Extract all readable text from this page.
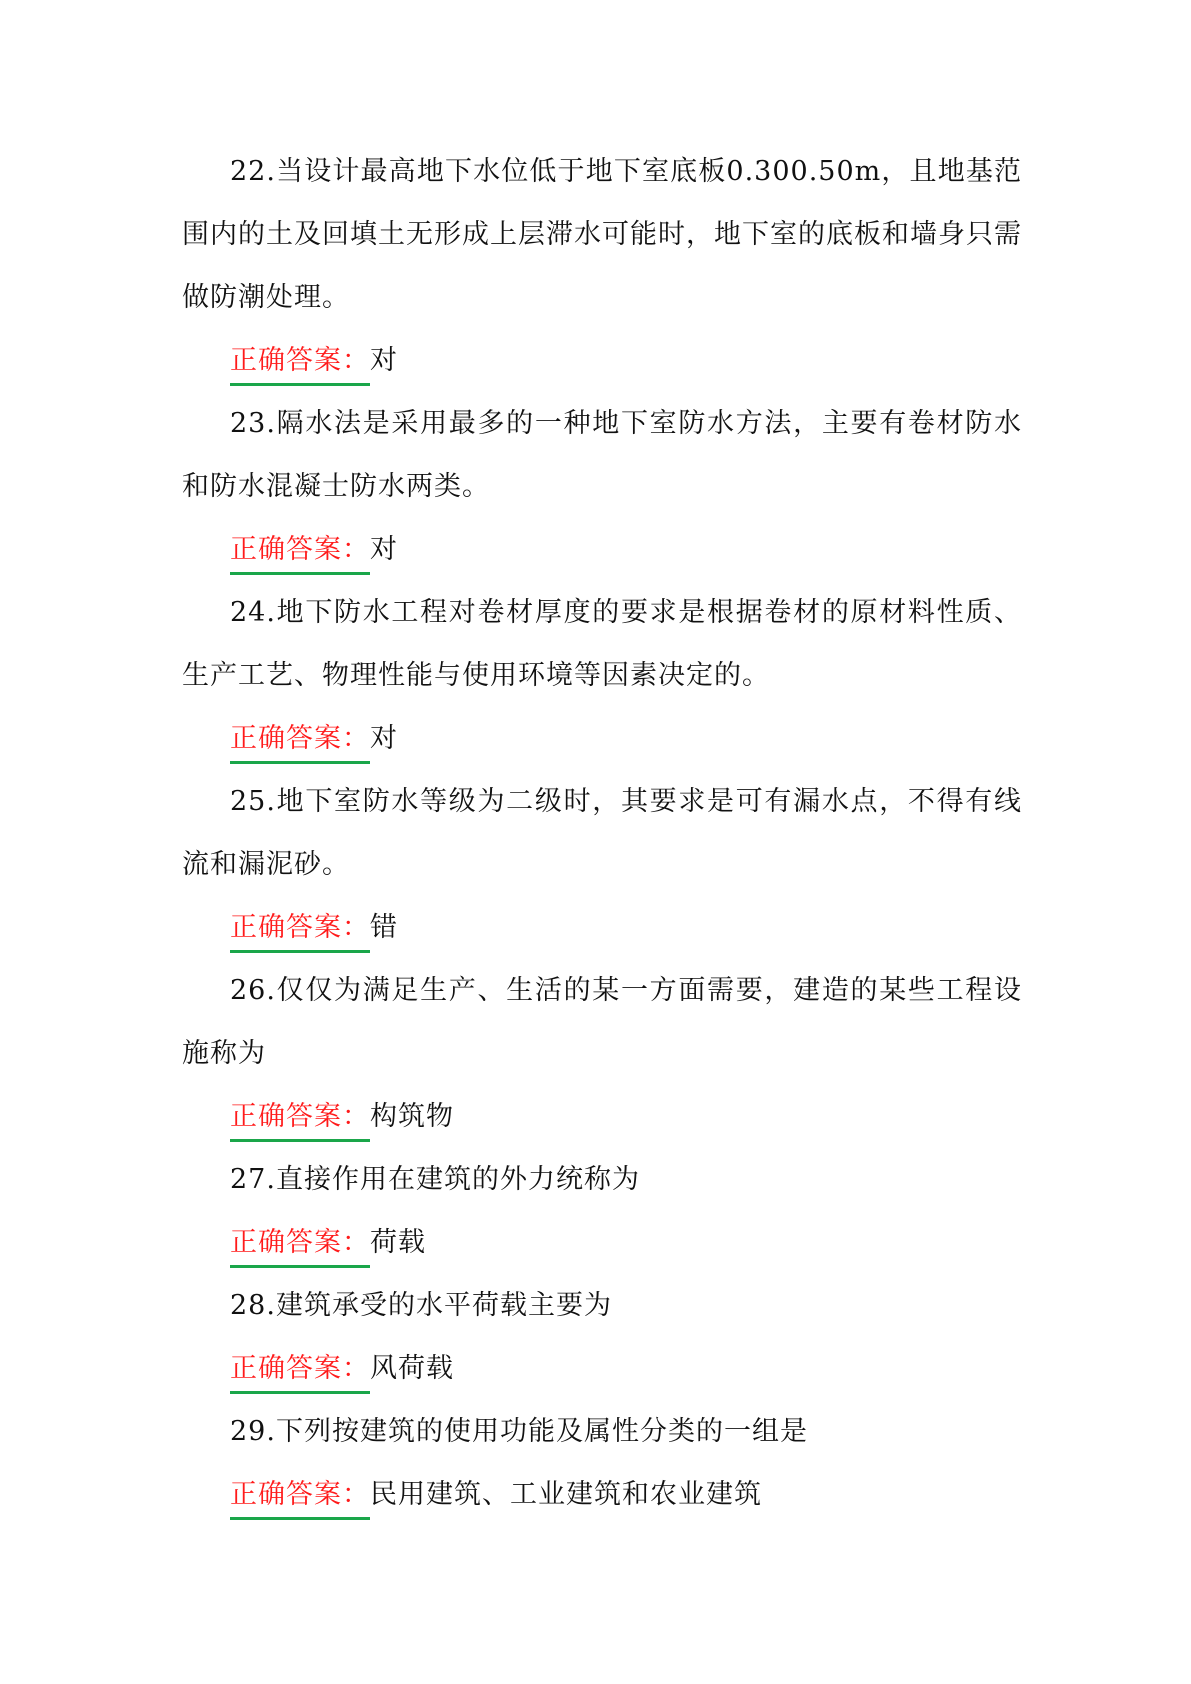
22.当设计最高地下水位低于地下室底板0.300.50m，且地基范围内的土及回填土无形成上层滞水可能时，地下室的底板和墙身只需做防潮处理。

正确答案：
对

23.隔水法是采用最多的一种地下室防水方法，主要有卷材防水和防水混凝士防水两类。

正确答案：
对

24.地下防水工程对卷材厚度的要求是根据卷材的原材料性质、生产工艺、物理性能与使用环境等因素决定的。

正确答案：
对

25.地下室防水等级为二级时，其要求是可有漏水点，不得有线流和漏泥砂。

正确答案：
错

26.仅仅为满足生产、生活的某一方面需要，建造的某些工程设施称为

正确答案：
构筑物

27.直接作用在建筑的外力统称为

正确答案：
荷载

28.建筑承受的水平荷载主要为

正确答案：
风荷载

29.下列按建筑的使用功能及属性分类的一组是

正确答案：
民用建筑、工业建筑和农业建筑
